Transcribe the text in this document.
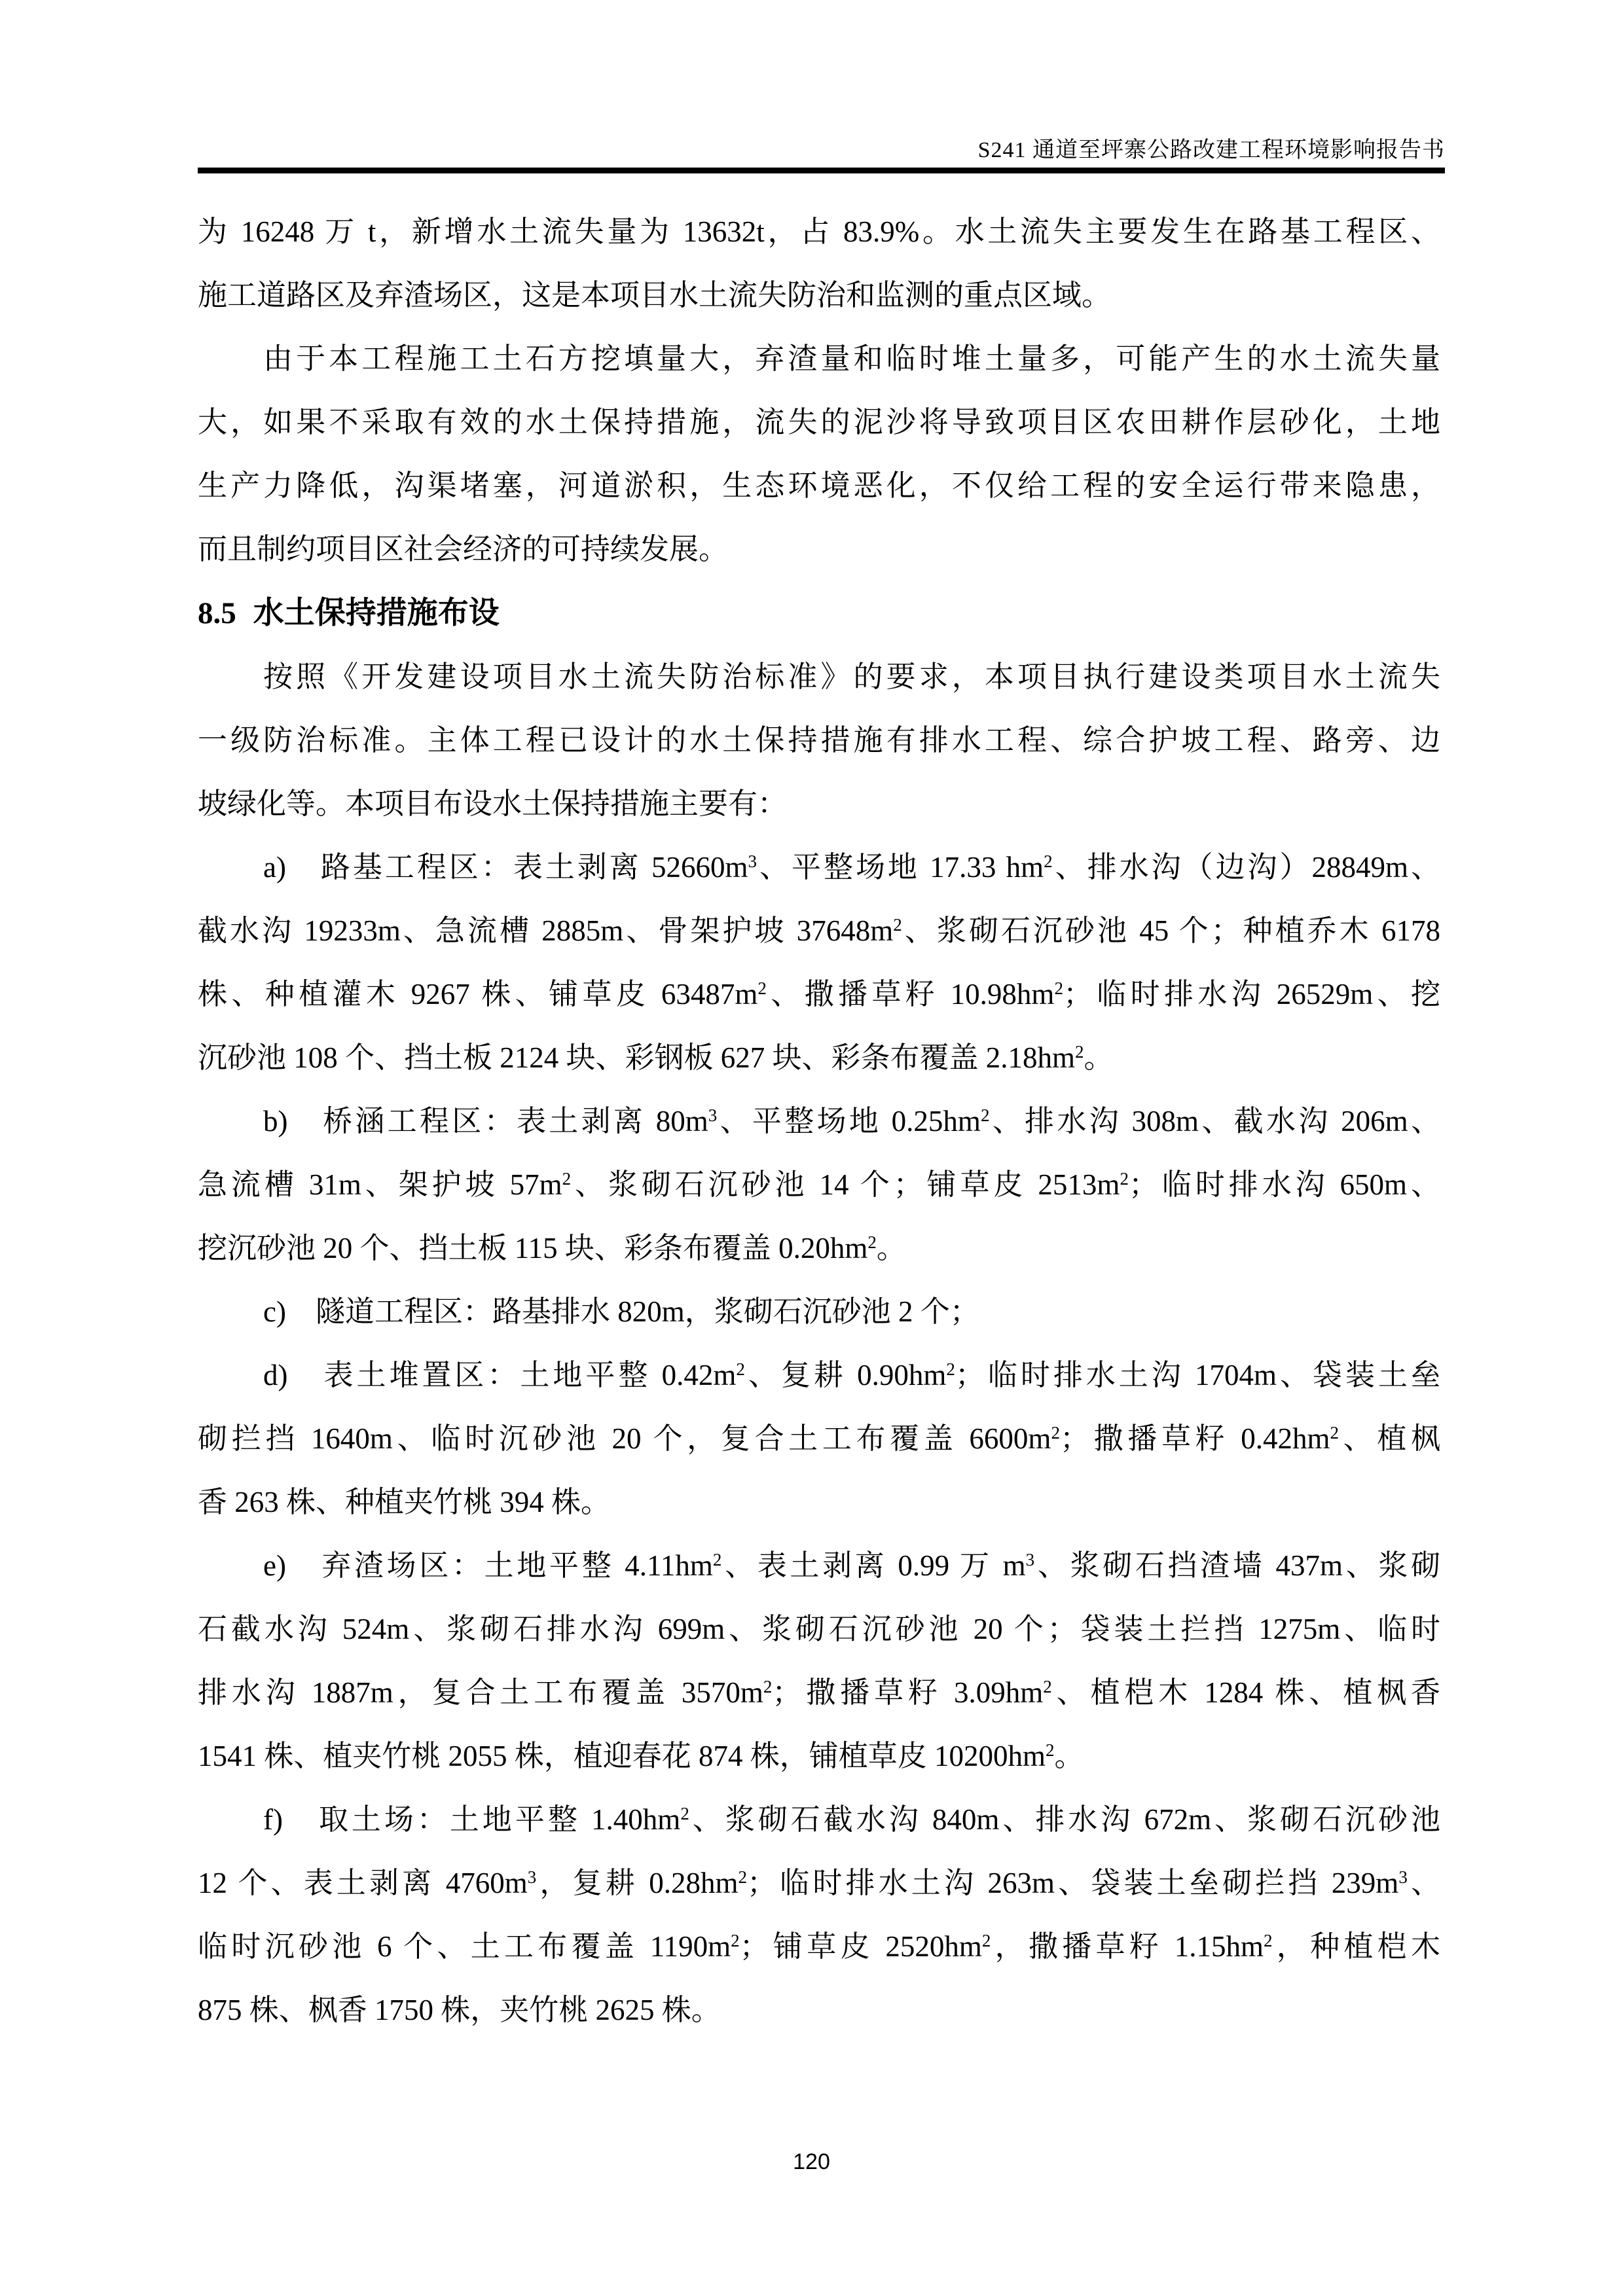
S241 通道至坪寨公路改建工程环境影响报告书
为 16248 万 t，新增水土流失量为 13632t，占 83.9%。水土流失主要发生在路基工程区、
施工道路区及弃渣场区，这是本项目水土流失防治和监测的重点区域。
由于本工程施工土石方挖填量大，弃渣量和临时堆土量多，可能产生的水土流失量
大，如果不采取有效的水土保持措施，流失的泥沙将导致项目区农田耕作层砂化，土地
生产力降低，沟渠堵塞，河道淤积，生态环境恶化，不仅给工程的安全运行带来隐患，
而且制约项目区社会经济的可持续发展。
8.5 水土保持措施布设
按照《开发建设项目水土流失防治标准》的要求，本项目执行建设类项目水土流失
一级防治标准。主体工程已设计的水土保持措施有排水工程、综合护坡工程、路旁、边
坡绿化等。本项目布设水土保持措施主要有：
a)　路基工程区：表土剥离 $52660m^3$、平整场地 17.33 $hm^2$、排水沟（边沟）28849m、
截水沟 19233m、急流槽 2885m、骨架护坡 $37648m^2$、浆砌石沉砂池 45 个；种植乔木 6178
株、种植灌木 9267 株、铺草皮 $63487m^2$、撒播草籽 $10.98hm^2$；临时排水沟 26529m、挖
沉砂池 108 个、挡土板 2124 块、彩钢板 627 块、彩条布覆盖 $2.18hm^2$。
b)　桥涵工程区：表土剥离 $80m^3$、平整场地 $0.25hm^2$、排水沟 308m、截水沟 206m、
急流槽 31m、架护坡 $57m^2$、浆砌石沉砂池 14 个；铺草皮 $2513m^2$；临时排水沟 650m、
挖沉砂池 20 个、挡土板 115 块、彩条布覆盖 $0.20hm^2$。
c)　隧道工程区：路基排水 820m，浆砌石沉砂池 2 个；
d)　表土堆置区：土地平整 $0.42m^2$、复耕 $0.90hm^2$；临时排水土沟 1704m、袋装土垒
砌拦挡 1640m、临时沉砂池 20 个，复合土工布覆盖 $6600m^2$；撒播草籽 $0.42hm^2$、植枫
香 263 株、种植夹竹桃 394 株。
e)　弃渣场区：土地平整 $4.11hm^2$、表土剥离 0.99 万 $m^3$、浆砌石挡渣墙 437m、浆砌
石截水沟 524m、浆砌石排水沟 699m、浆砌石沉砂池 20 个；袋装土拦挡 1275m、临时
排水沟 1887m，复合土工布覆盖 $3570m^2$；撒播草籽 $3.09hm^2$、植桤木 1284 株、植枫香
1541 株、植夹竹桃 2055 株，植迎春花 874 株，铺植草皮 $10200hm^2$。
f)　取土场：土地平整 $1.40hm^2$、浆砌石截水沟 840m、排水沟 672m、浆砌石沉砂池
12 个、表土剥离 $4760m^3$，复耕 $0.28hm^2$；临时排水土沟 263m、袋装土垒砌拦挡 $239m^3$、
临时沉砂池 6 个、土工布覆盖 $1190m^2$；铺草皮 $2520hm^2$，撒播草籽 $1.15hm^2$，种植桤木
875 株、枫香 1750 株，夹竹桃 2625 株。
120
